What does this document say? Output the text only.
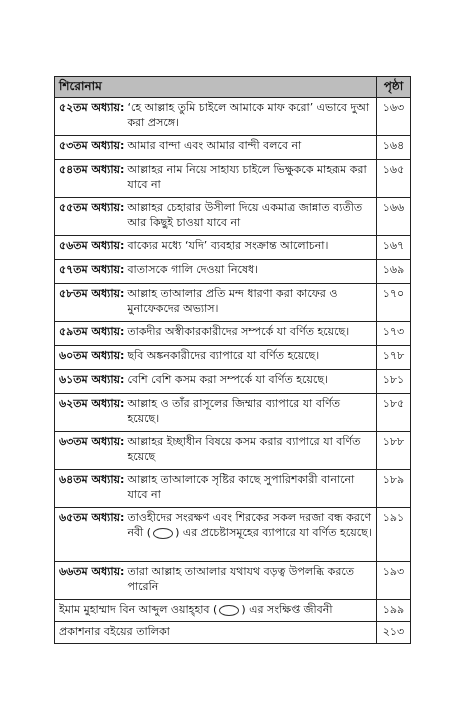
শিরোনাম	পৃষ্ঠা

৫২তম অধ্যায়: ‘হে আল্লাহ তুমি চাইলে আমাকে মাফ করো’ এভাবে দুআ করা প্রসঙ্গে।	১৬৩

৫৩তম অধ্যায়: আমার বান্দা এবং আমার বান্দী বলবে না	১৬৪

৫৪তম অধ্যায়: আল্লাহর নাম নিয়ে সাহায্য চাইলে ভিক্ষুককে মাহরূম করা যাবে না	১৬৫

৫৫তম অধ্যায়: আল্লাহর চেহারার উসীলা দিয়ে একমাত্র জান্নাত ব্যতীত আর কিছুই চাওয়া যাবে না	১৬৬

৫৬তম অধ্যায়: বাক্যের মধ্যে ‘যদি’ ব্যবহার সংক্রান্ত আলোচনা।	১৬৭

৫৭তম অধ্যায়: বাতাসকে গালি দেওয়া নিষেধ।	১৬৯

৫৮তম অধ্যায়: আল্লাহ তাআলার প্রতি মন্দ ধারণা করা কাফের ও মুনাফেকদের অভ্যাস।	১৭০

৫৯তম অধ্যায়: তাকদীর অস্বীকারকারীদের সম্পর্কে যা বর্ণিত হয়েছে।	১৭৩

৬০তম অধ্যায়: ছবি অঙ্কনকারীদের ব্যাপারে যা বর্ণিত হয়েছে।	১৭৮

৬১তম অধ্যায়: বেশি বেশি কসম করা সম্পর্কে যা বর্ণিত হয়েছে।	১৮১

৬২তম অধ্যায়: আল্লাহ ও তাঁর রাসূলের জিম্মার ব্যাপারে যা বর্ণিত হয়েছে।	১৮৫

৬৩তম অধ্যায়: আল্লাহর ইচ্ছাধীন বিষয়ে কসম করার ব্যাপারে যা বর্ণিত হয়েছে	১৮৮

৬৪তম অধ্যায়: আল্লাহ তাআলাকে সৃষ্টির কাছে সুপারিশকারী বানানো যাবে না	১৮৯

৬৫তম অধ্যায়: তাওহীদের সংরক্ষণ এবং শিরকের সকল দরজা বন্ধ করণে নবী ( ) এর প্রচেষ্টাসমূহের ব্যাপারে যা বর্ণিত হয়েছে।	১৯১

৬৬তম অধ্যায়: তারা আল্লাহ তাআলার যথাযথ বড়ত্ব উপলব্ধি করতে পারেনি	১৯৩
ইমাম মুহাম্মাদ বিন আব্দুল ওয়াহ্হাব ( ) এর সংক্ষিপ্ত জীবনী	১৯৯
প্রকাশনার বইয়ের তালিকা	২১৩
